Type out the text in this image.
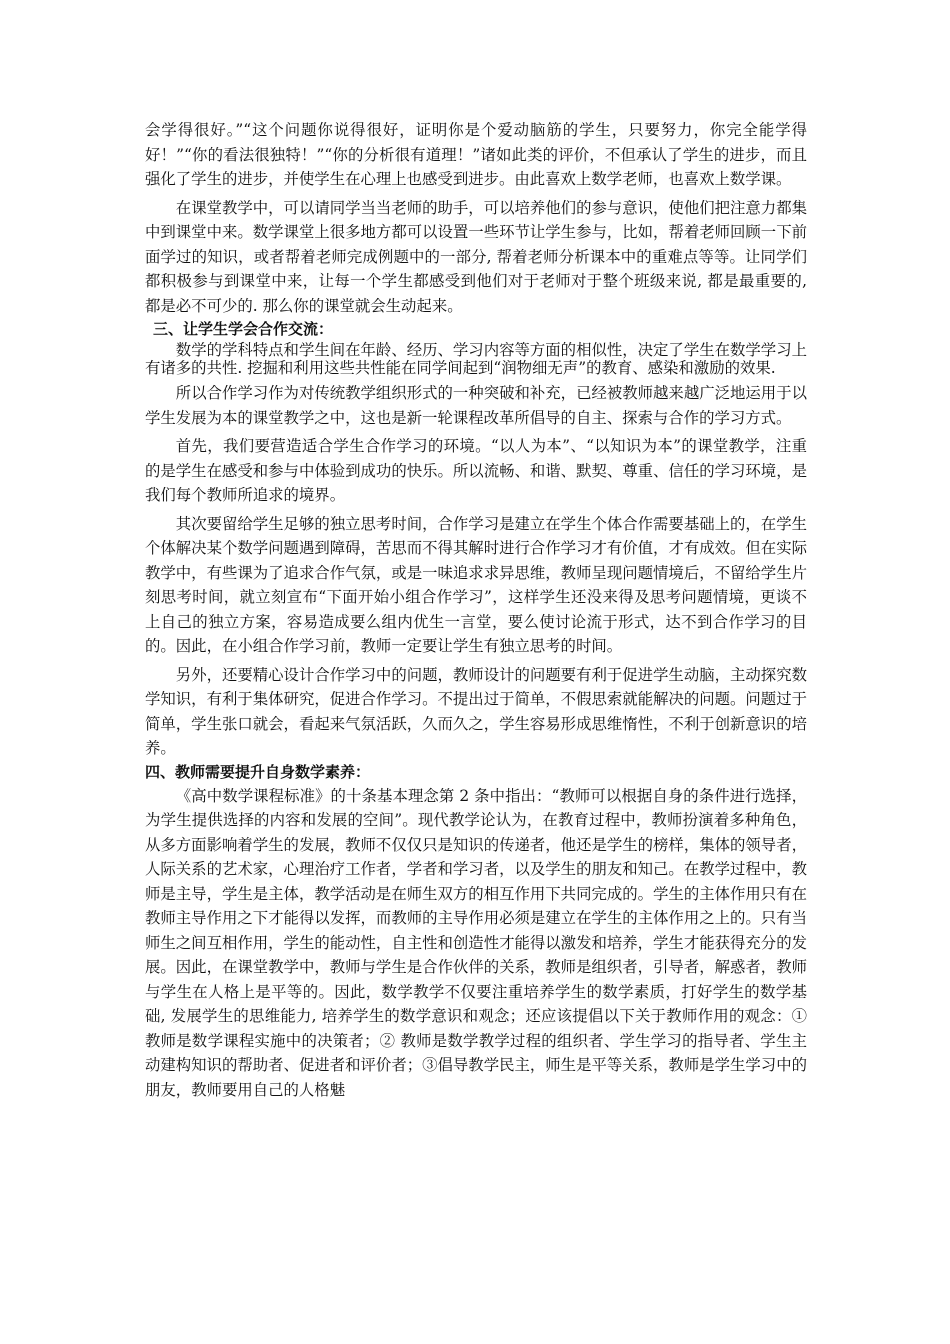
会学得很好。”“这个问题你说得很好，证明你是个爱动脑筋的学生，只要努力，你完全能学得好！”“你的看法很独特！”“你的分析很有道理！”诸如此类的评价，不但承认了学生的进步，而且强化了学生的进步，并使学生在心理上也感受到进步。由此喜欢上数学老师，也喜欢上数学课。

在课堂教学中，可以请同学当当老师的助手，可以培养他们的参与意识，使他们把注意力都集中到课堂中来。数学课堂上很多地方都可以设置一些环节让学生参与，比如，帮着老师回顾一下前面学过的知识，或者帮着老师完成例题中的一部分, 帮着老师分析课本中的重难点等等。让同学们都积极参与到课堂中来，让每一个学生都感受到他们对于老师对于整个班级来说, 都是最重要的, 都是必不可少的. 那么你的课堂就会生动起来。

三、让学生学会合作交流：

数学的学科特点和学生间在年龄、经历、学习内容等方面的相似性，决定了学生在数学学习上有诸多的共性. 挖掘和利用这些共性能在同学间起到“润物细无声”的教育、感染和激励的效果.

所以合作学习作为对传统教学组织形式的一种突破和补充，已经被教师越来越广泛地运用于以学生发展为本的课堂教学之中，这也是新一轮课程改革所倡导的自主、探索与合作的学习方式。

首先，我们要营造适合学生合作学习的环境。“以人为本”、“以知识为本”的课堂教学，注重的是学生在感受和参与中体验到成功的快乐。所以流畅、和谐、默契、尊重、信任的学习环境，是我们每个教师所追求的境界。

其次要留给学生足够的独立思考时间，合作学习是建立在学生个体合作需要基础上的，在学生个体解决某个数学问题遇到障碍，苦思而不得其解时进行合作学习才有价值，才有成效。但在实际教学中，有些课为了追求合作气氛，或是一味追求求异思维，教师呈现问题情境后，不留给学生片刻思考时间，就立刻宣布“下面开始小组合作学习”，这样学生还没来得及思考问题情境，更谈不上自己的独立方案，容易造成要么组内优生一言堂，要么使讨论流于形式，达不到合作学习的目的。因此，在小组合作学习前，教师一定要让学生有独立思考的时间。

另外，还要精心设计合作学习中的问题，教师设计的问题要有利于促进学生动脑，主动探究数学知识，有利于集体研究，促进合作学习。不提出过于简单，不假思索就能解决的问题。问题过于简单，学生张口就会，看起来气氛活跃，久而久之，学生容易形成思维惰性，不利于创新意识的培养。

四、教师需要提升自身数学素养：

《高中数学课程标准》的十条基本理念第 2 条中指出：“教师可以根据自身的条件进行选择，为学生提供选择的内容和发展的空间”。现代教学论认为，在教育过程中，教师扮演着多种角色，从多方面影响着学生的发展，教师不仅仅只是知识的传递者，他还是学生的榜样，集体的领导者，人际关系的艺术家，心理治疗工作者，学者和学习者，以及学生的朋友和知己。在教学过程中，教师是主导，学生是主体，教学活动是在师生双方的相互作用下共同完成的。学生的主体作用只有在教师主导作用之下才能得以发挥，而教师的主导作用必须是建立在学生的主体作用之上的。只有当师生之间互相作用，学生的能动性，自主性和创造性才能得以激发和培养，学生才能获得充分的发展。因此，在课堂教学中，教师与学生是合作伙伴的关系，教师是组织者，引导者，解惑者，教师与学生在人格上是平等的。因此，数学教学不仅要注重培养学生的数学素质，打好学生的数学基础, 发展学生的思维能力, 培养学生的数学意识和观念；还应该提倡以下关于教师作用的观念：① 教师是数学课程实施中的决策者；② 教师是数学教学过程的组织者、学生学习的指导者、学生主动建构知识的帮助者、促进者和评价者；③倡导教学民主，师生是平等关系，教师是学生学习中的朋友，教师要用自己的人格魅
